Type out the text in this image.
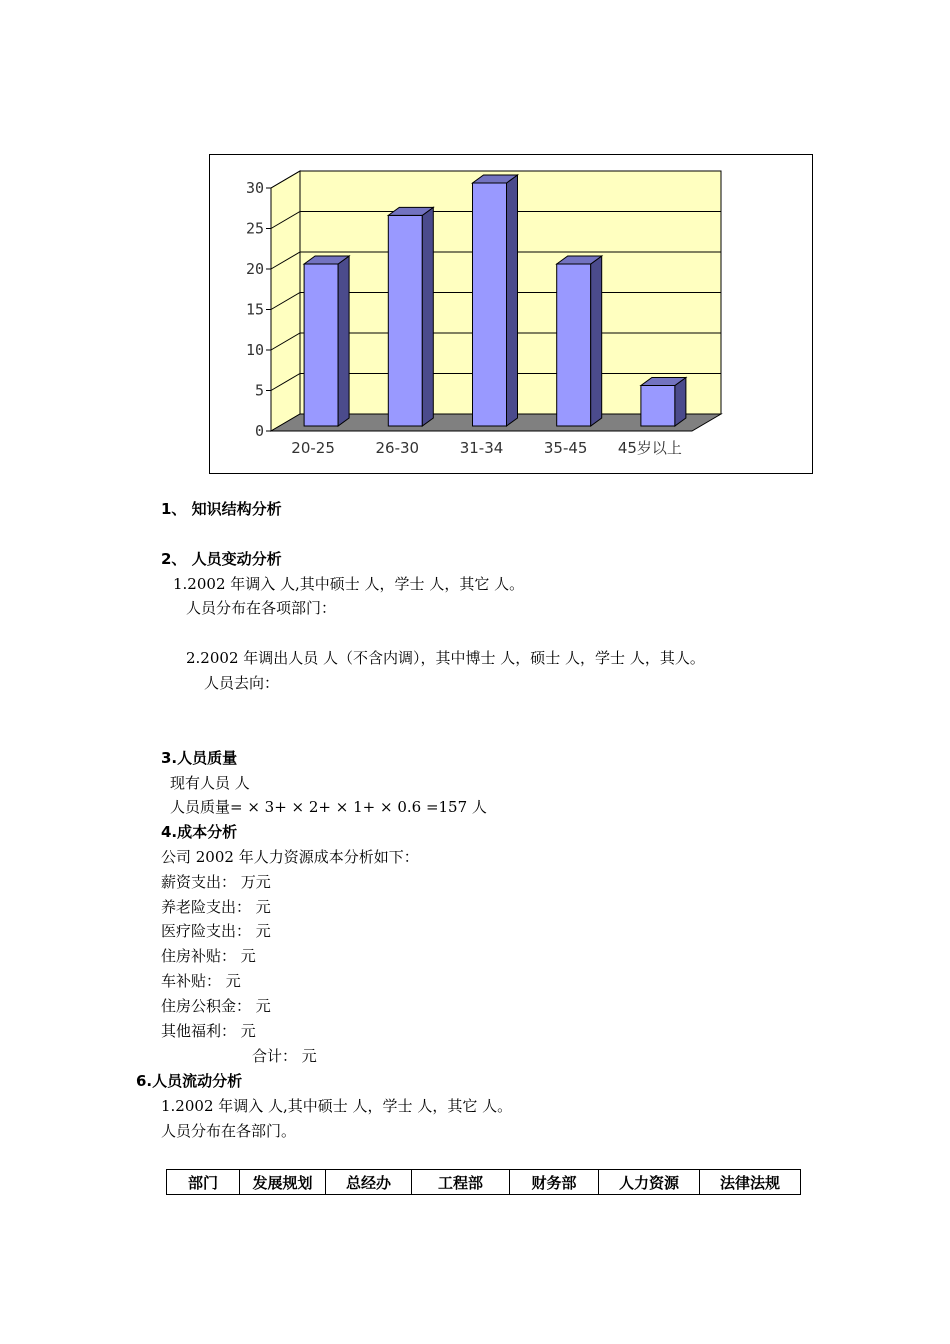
0
5
10
15
20
25
30
20-25	26-30	31-34	35-45 45岁以上
1、 知识结构分析
2、 人员变动分析
1.2002 年调入 人,其中硕士 人，学士 人，其它 人。
人员分布在各项部门：
2.2002 年调出人员 人（不含内调），其中博士 人，硕士 人，学士 人，其人。
人员去向：
3.人员质量
现有人员 人
人员质量= × 3+ × 2+ × 1+ × 0.6 =157 人
4.成本分析
公司 2002 年人力资源成本分析如下：
薪资支出： 万元
养老险支出： 元
医疗险支出： 元
住房补贴： 元
车补贴： 元
住房公积金： 元
其他福利： 元
合计： 元
6.人员流动分析
1.2002 年调入 人,其中硕士 人，学士 人，其它 人。
人员分布在各部门。
部门	发展规划	总经办	工程部	财务部	人力资源	法律法规
